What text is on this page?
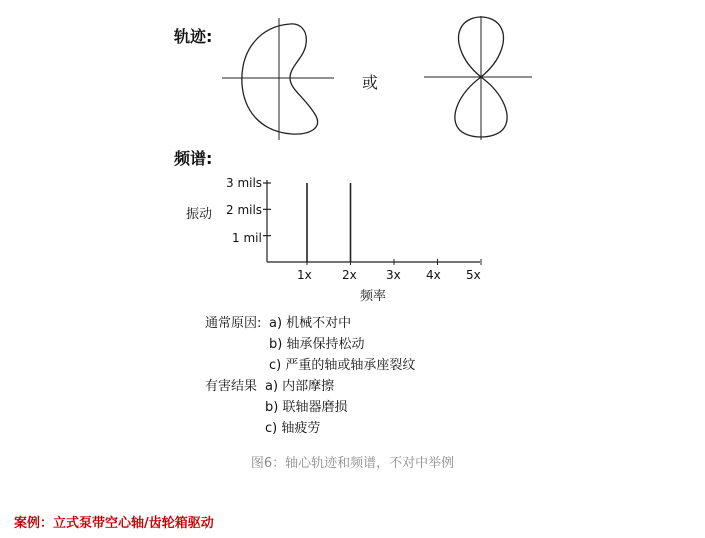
轨迹:
或
频谱:
振动
3 mils
2 mils
1 mil
1x	2x 3x 4x 5x
频率
通常原因: a) 机械不对中
b) 轴承保持松动
c) 严重的轴或轴承座裂纹
有害结果 a) 内部摩擦
b) 联轴器磨损
c) 轴疲劳
图6：轴心轨迹和频谱，不对中举例
案例：立式泵带空心轴/齿轮箱驱动
